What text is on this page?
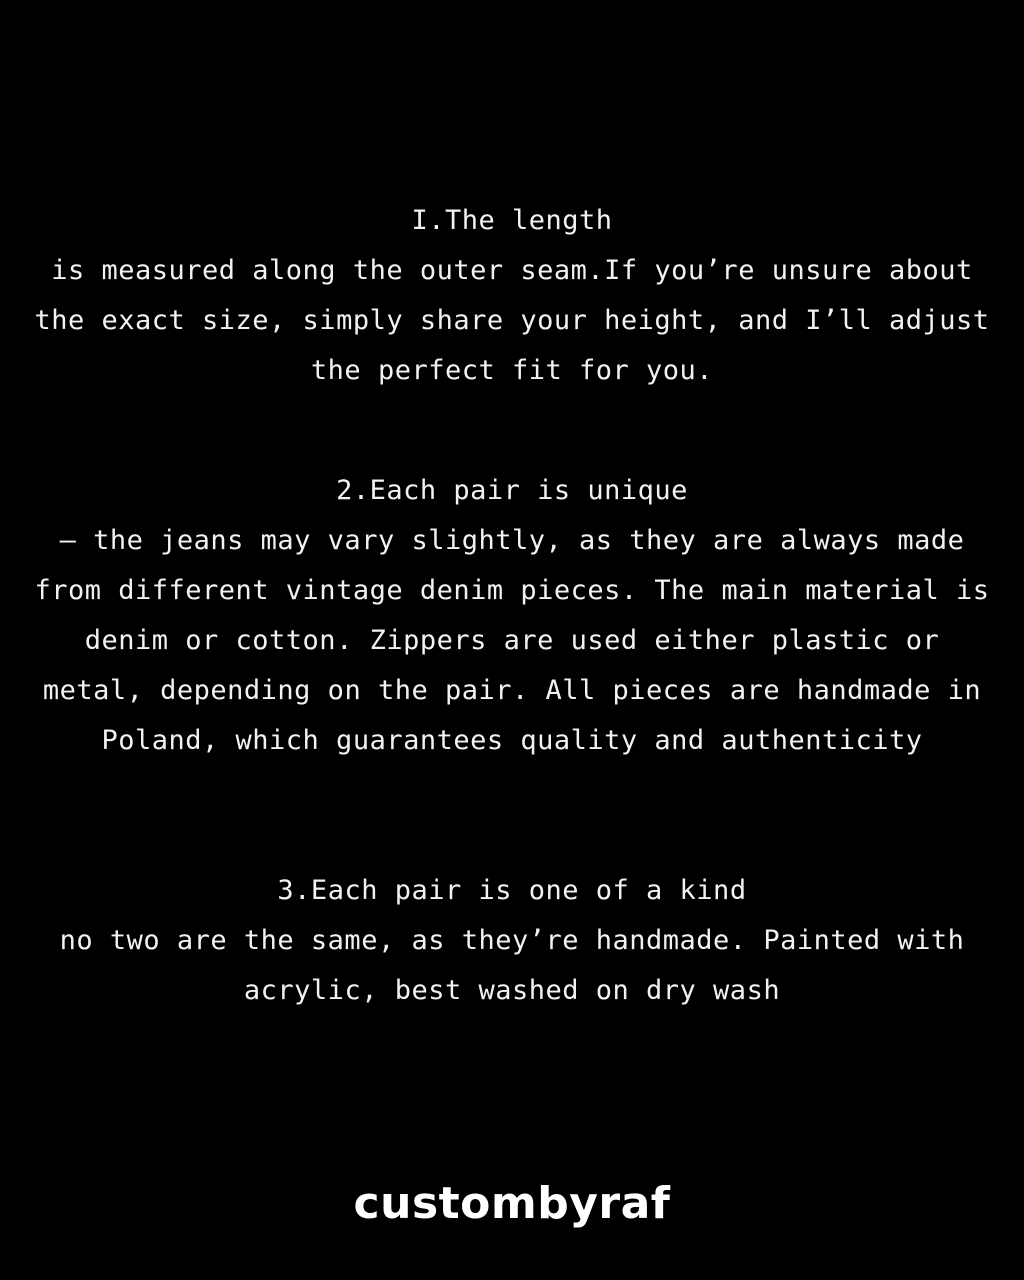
I.The length
is measured along the outer seam.If you’re unsure about
the exact size, simply share your height, and I’ll adjust
the perfect fit for you.
2.Each pair is unique
— the jeans may vary slightly, as they are always made
from different vintage denim pieces. The main material is
denim or cotton. Zippers are used either plastic or
metal, depending on the pair. All pieces are handmade in
Poland, which guarantees quality and authenticity
3.Each pair is one of a kind
no two are the same, as they’re handmade. Painted with
acrylic, best washed on dry wash
custombyraf
